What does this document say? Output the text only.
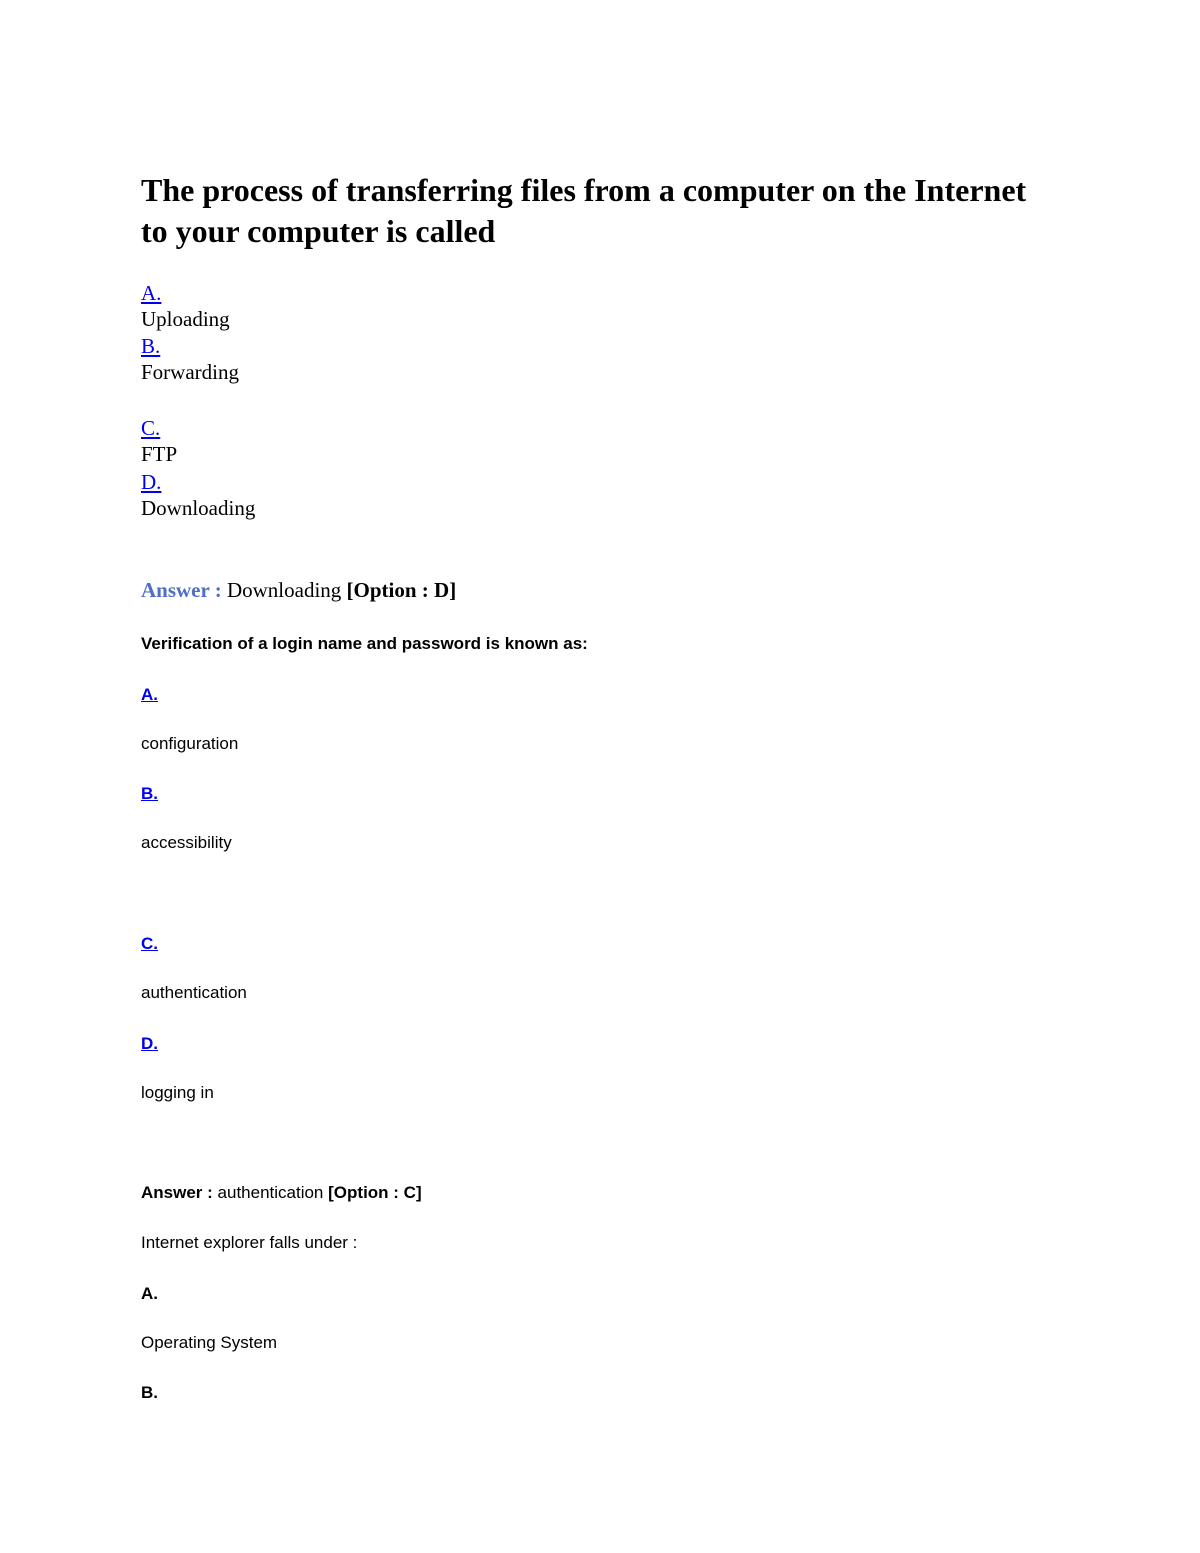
The process of transferring files from a computer on the Internet to your computer is called
A.
Uploading
B.
Forwarding
C.
FTP
D.
Downloading
Answer : Downloading [Option : D]
Verification of a login name and password is known as:
A.
configuration
B.
accessibility
C.
authentication
D.
logging in
Answer : authentication [Option : C]
Internet explorer falls under :
A.
Operating System
B.
